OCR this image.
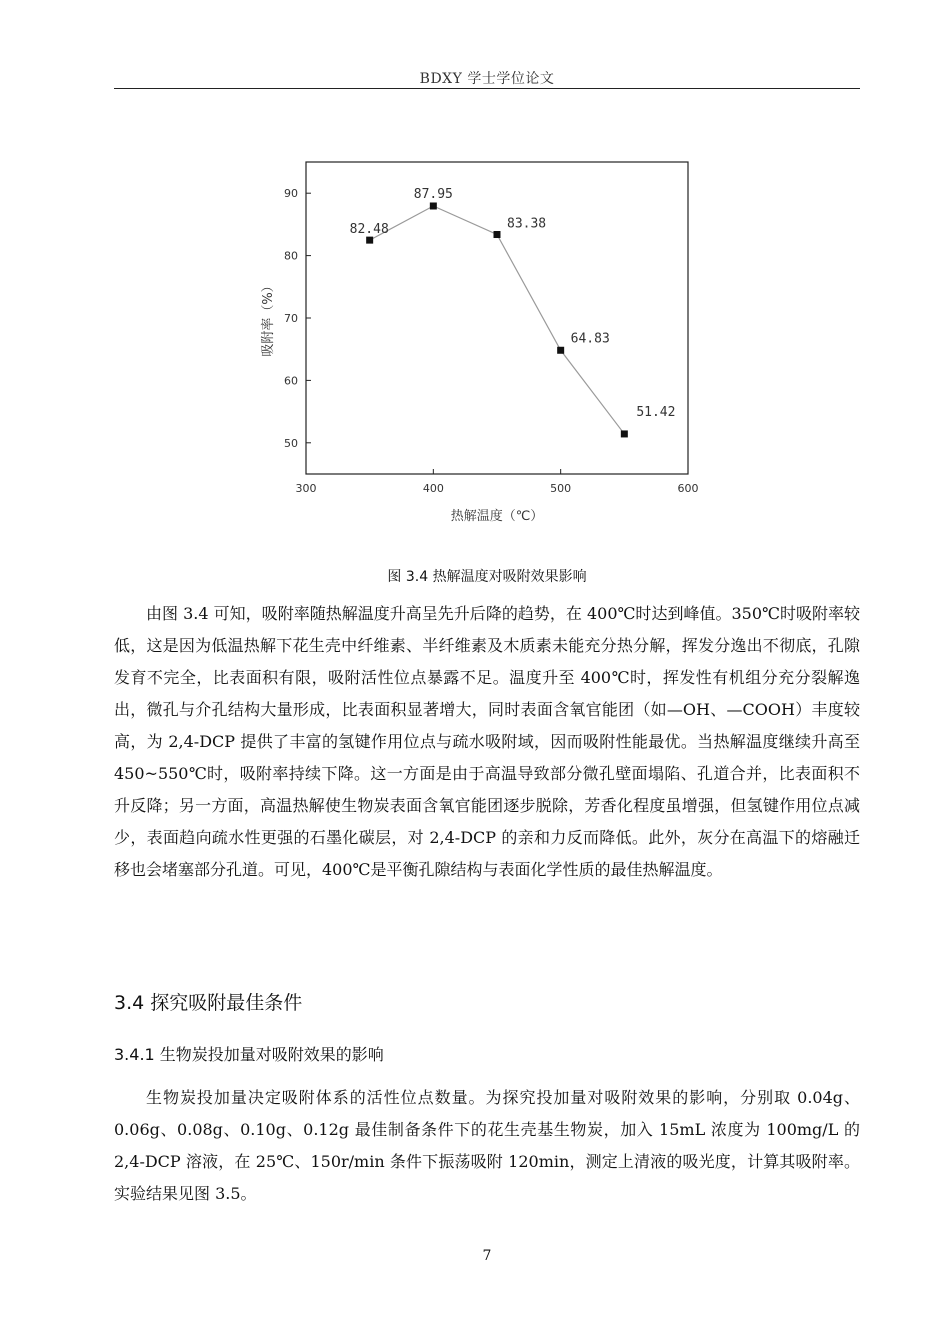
BDXY 学士学位论文
300	400	500	600
50
60
70
80
90
82.48
87.95
83.38
64.83
51.42
热解温度（℃）
吸附率（%）
图 3.4 热解温度对吸附效果影响

由图 3.4 可知，吸附率随热解温度升高呈先升后降的趋势，在 400℃时达到峰值。350℃时吸附率较低，这是因为低温热解下花生壳中纤维素、半纤维素及木质素未能充分热分解，挥发分逸出不彻底，孔隙发育不完全，比表面积有限，吸附活性位点暴露不足。温度升至 400℃时，挥发性有机组分充分裂解逸出，微孔与介孔结构大量形成，比表面积显著增大，同时表面含氧官能团（如—OH、—COOH）丰度较高，为 2,4-DCP 提供了丰富的氢键作用位点与疏水吸附域，因而吸附性能最优。当热解温度继续升高至 450~550℃时，吸附率持续下降。这一方面是由于高温导致部分微孔壁面塌陷、孔道合并，比表面积不升反降；另一方面，高温热解使生物炭表面含氧官能团逐步脱除，芳香化程度虽增强，但氢键作用位点减少，表面趋向疏水性更强的石墨化碳层，对 2,4-DCP 的亲和力反而降低。此外，灰分在高温下的熔融迁移也会堵塞部分孔道。可见，400℃是平衡孔隙结构与表面化学性质的最佳热解温度。

3.4 探究吸附最佳条件
3.4.1 生物炭投加量对吸附效果的影响

生物炭投加量决定吸附体系的活性位点数量。为探究投加量对吸附效果的影响，分别取 0.04g、0.06g、0.08g、0.10g、0.12g 最佳制备条件下的花生壳基生物炭，加入 15mL 浓度为 100mg/L 的 2,4-DCP 溶液，在 25℃、150r/min 条件下振荡吸附 120min，测定上清液的吸光度，计算其吸附率。实验结果见图 3.5。

7
